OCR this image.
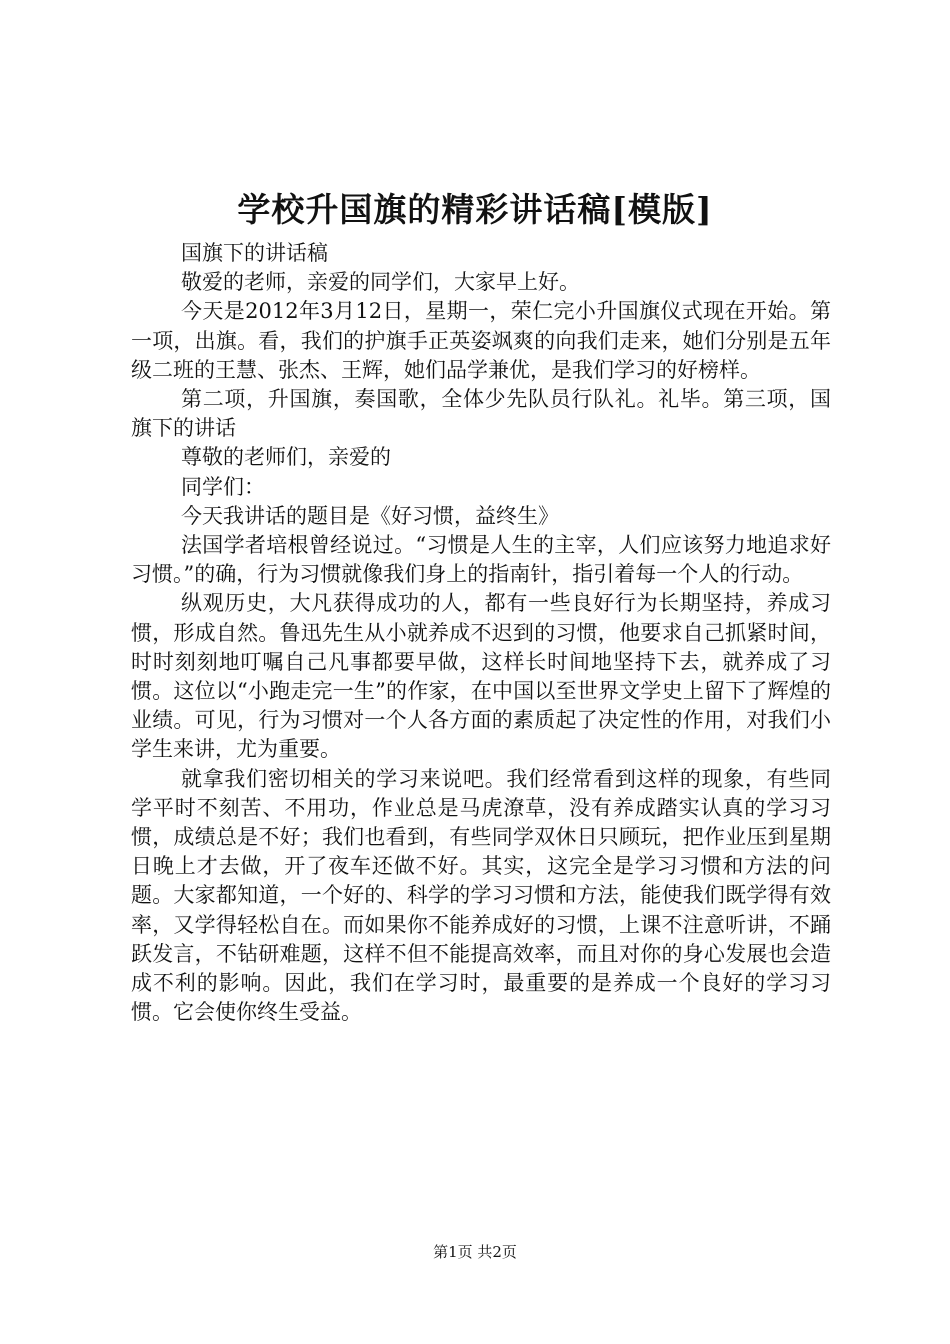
学校升国旗的精彩讲话稿[模版]

国旗下的讲话稿

敬爱的老师，亲爱的同学们，大家早上好。

今天是2012年3月12日，星期一，荣仁完小升国旗仪式现在开始。第一项，出旗。看，我们的护旗手正英姿飒爽的向我们走来，她们分别是五年级二班的王慧、张杰、王辉，她们品学兼优，是我们学习的好榜样。

第二项，升国旗，奏国歌，全体少先队员行队礼。礼毕。第三项，国旗下的讲话

尊敬的老师们，亲爱的

同学们：

今天我讲话的题目是《好习惯，益终生》

法国学者培根曾经说过。“习惯是人生的主宰，人们应该努力地追求好习惯。”的确，行为习惯就像我们身上的指南针，指引着每一个人的行动。

纵观历史，大凡获得成功的人，都有一些良好行为长期坚持，养成习惯，形成自然。鲁迅先生从小就养成不迟到的习惯，他要求自己抓紧时间，时时刻刻地叮嘱自己凡事都要早做，这样长时间地坚持下去，就养成了习惯。这位以“小跑走完一生”的作家，在中国以至世界文学史上留下了辉煌的业绩。可见，行为习惯对一个人各方面的素质起了决定性的作用，对我们小学生来讲，尤为重要。

就拿我们密切相关的学习来说吧。我们经常看到这样的现象，有些同学平时不刻苦、不用功，作业总是马虎潦草，没有养成踏实认真的学习习惯，成绩总是不好；我们也看到，有些同学双休日只顾玩，把作业压到星期日晚上才去做，开了夜车还做不好。其实，这完全是学习习惯和方法的问题。大家都知道，一个好的、科学的学习习惯和方法，能使我们既学得有效率，又学得轻松自在。而如果你不能养成好的习惯，上课不注意听讲，不踊跃发言，不钻研难题，这样不但不能提高效率，而且对你的身心发展也会造成不利的影响。因此，我们在学习时，最重要的是养成一个良好的学习习惯。它会使你终生受益。

第1页 共2页
